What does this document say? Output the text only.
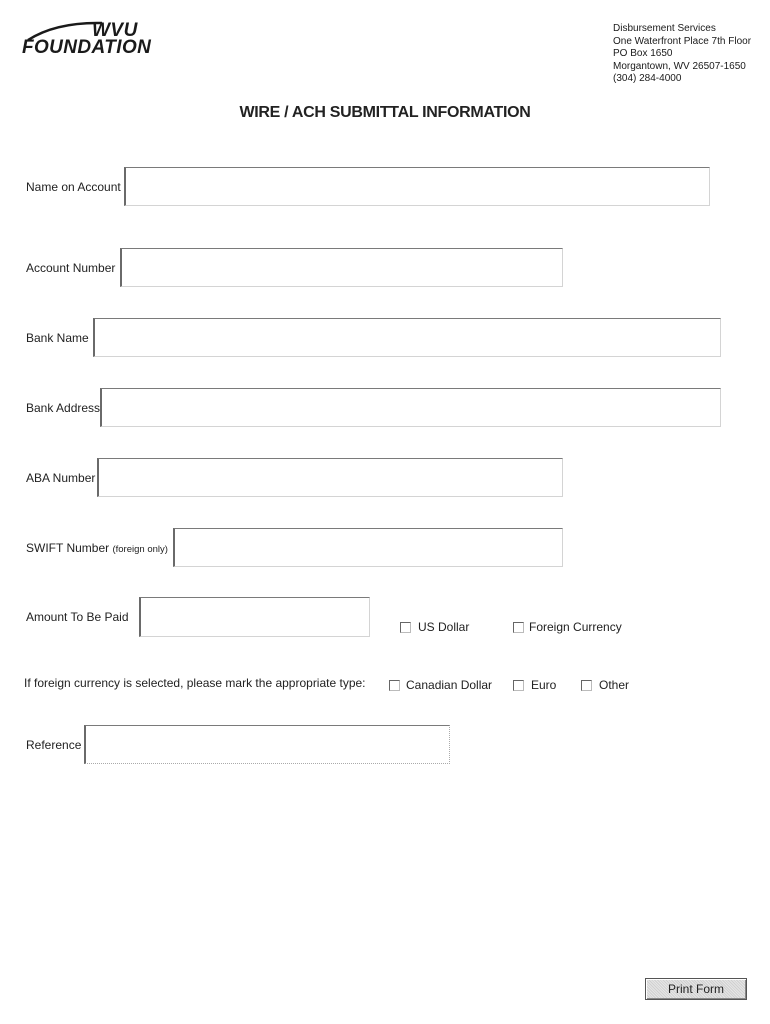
WVU
FOUNDATION
Disbursement Services
One Waterfront Place 7th Floor
PO Box 1650
Morgantown, WV 26507-1650
(304) 284-4000
WIRE / ACH SUBMITTAL INFORMATION
Name on Account
Account Number
Bank Name
Bank Address
ABA Number
SWIFT Number (foreign only)
Amount To Be Paid
US Dollar	Foreign Currency
If foreign currency is selected, please mark the appropriate type:	Canadian Dollar	Euro	Other
Reference
Print Form
